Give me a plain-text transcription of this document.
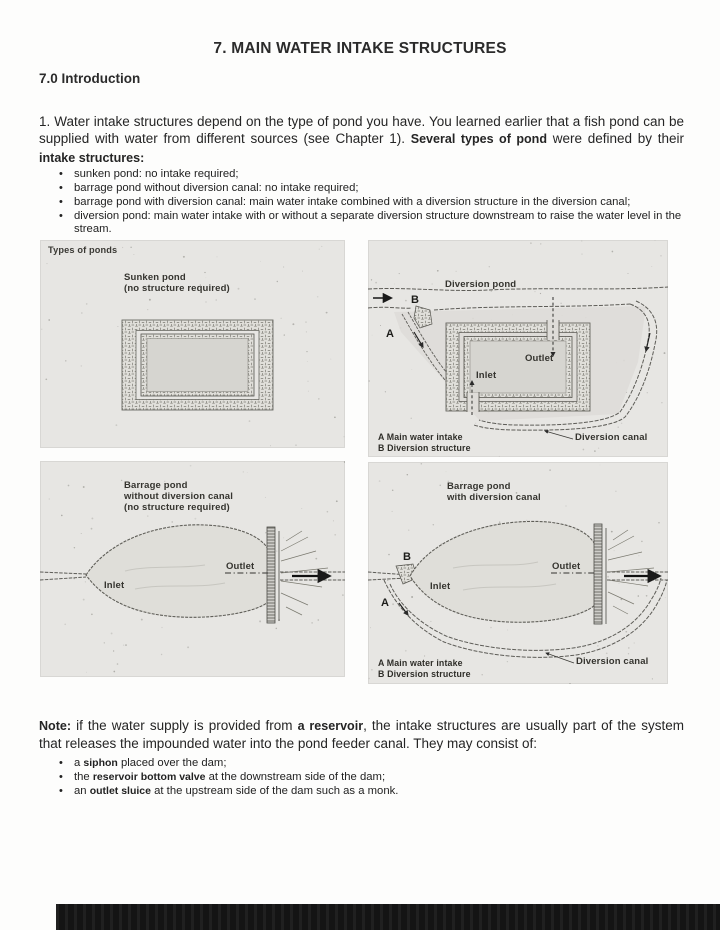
7. MAIN WATER INTAKE STRUCTURES
7.0 Introduction

1. Water intake structures depend on the type of pond you have. You learned earlier that a fish pond can be supplied with water from different sources (see Chapter 1). Several types of pond were defined by their intake structures:

• sunken pond: no intake required;
• barrage pond without diversion canal: no intake required;
• barrage pond with diversion canal: main water intake combined with a diversion structure in the diversion canal;
• diversion pond: main water intake with or without a separate diversion structure downstream to raise the water level in the stream.
Types of ponds
Sunken pond
(no structure required)	Diversion pond
B
A
Outlet
Inlet
Diversion canal
A Main water intake
B Diversion structure
Barrage pond
without diversion canal
(no structure required)
Inlet
Outlet
Barrage pond
with diversion canal
B
A
Inlet
Outlet
Diversion canal
A Main water intake
B Diversion structure

Note: if the water supply is provided from a reservoir, the intake structures are usually part of the system that releases the impounded water into the pond feeder canal. They may consist of:

• a siphon placed over the dam;
• the reservoir bottom valve at the downstream side of the dam;
• an outlet sluice at the upstream side of the dam such as a monk.
